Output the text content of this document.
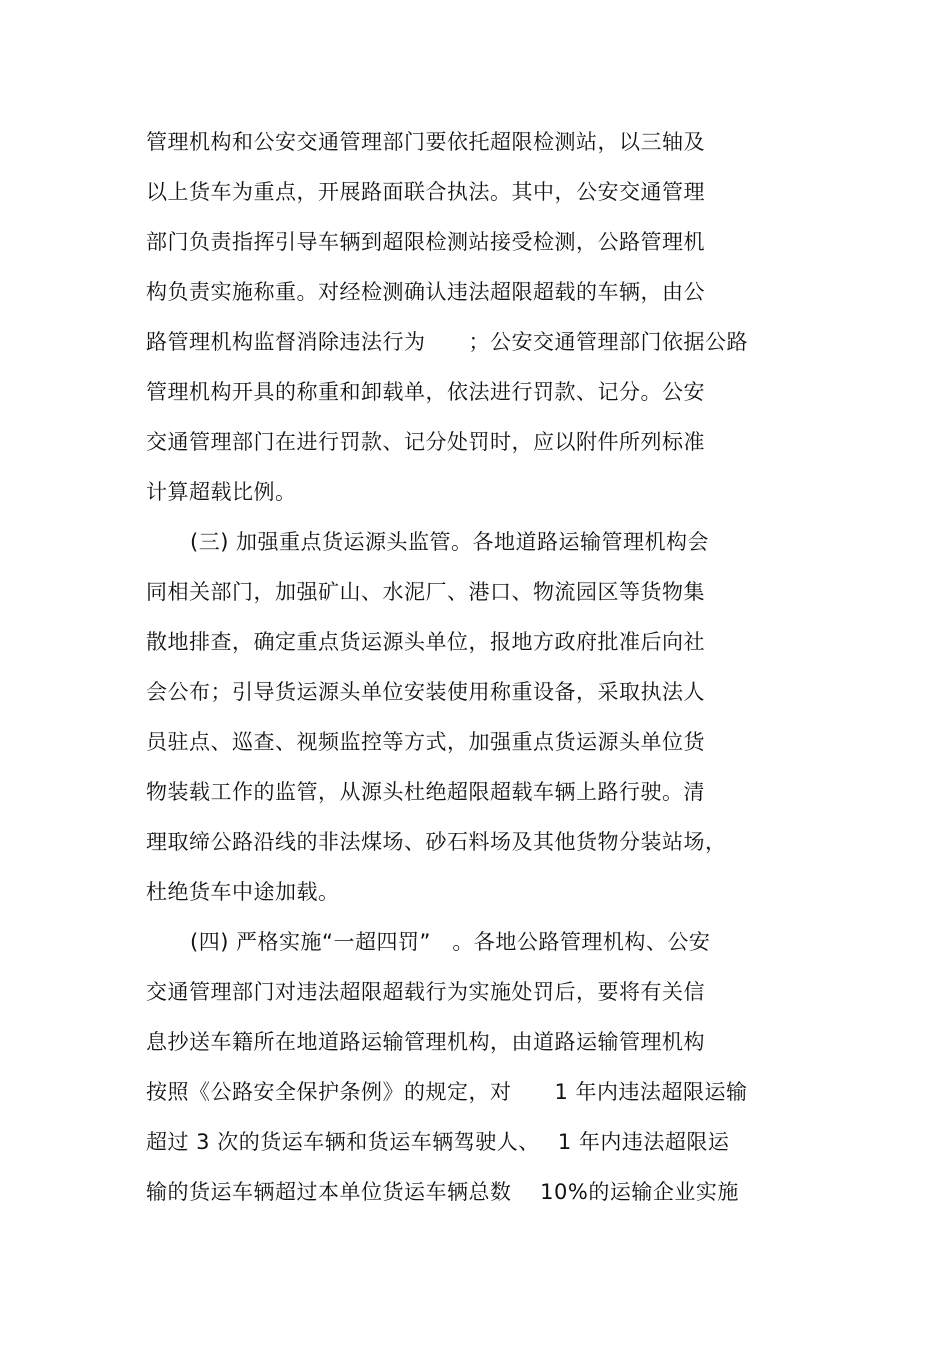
管理机构和公安交通管理部门要依托超限检测站，以三轴及
以上货车为重点，开展路面联合执法。其中，公安交通管理
部门负责指挥引导车辆到超限检测站接受检测，公路管理机
构负责实施称重。对经检测确认违法超限超载的车辆，由公
路管理机构监督消除违法行为　　；公安交通管理部门依据公路
管理机构开具的称重和卸载单，依法进行罚款、记分。公安
交通管理部门在进行罚款、记分处罚时，应以附件所列标准
计算超载比例。
(三) 加强重点货运源头监管。各地道路运输管理机构会
同相关部门，加强矿山、水泥厂、港口、物流园区等货物集
散地排查，确定重点货运源头单位，报地方政府批准后向社
会公布；引导货运源头单位安装使用称重设备，采取执法人
员驻点、巡查、视频监控等方式，加强重点货运源头单位货
物装载工作的监管，从源头杜绝超限超载车辆上路行驶。清
理取缔公路沿线的非法煤场、砂石料场及其他货物分装站场，
杜绝货车中途加载。
(四) 严格实施“一超四罚”　。各地公路管理机构、公安
交通管理部门对违法超限超载行为实施处罚后，要将有关信
息抄送车籍所在地道路运输管理机构，由道路运输管理机构
按照《公路安全保护条例》的规定，对　　1 年内违法超限运输
超过 3 次的货运车辆和货运车辆驾驶人、　 1 年内违法超限运
输的货运车辆超过本单位货运车辆总数　 10%的运输企业实施
